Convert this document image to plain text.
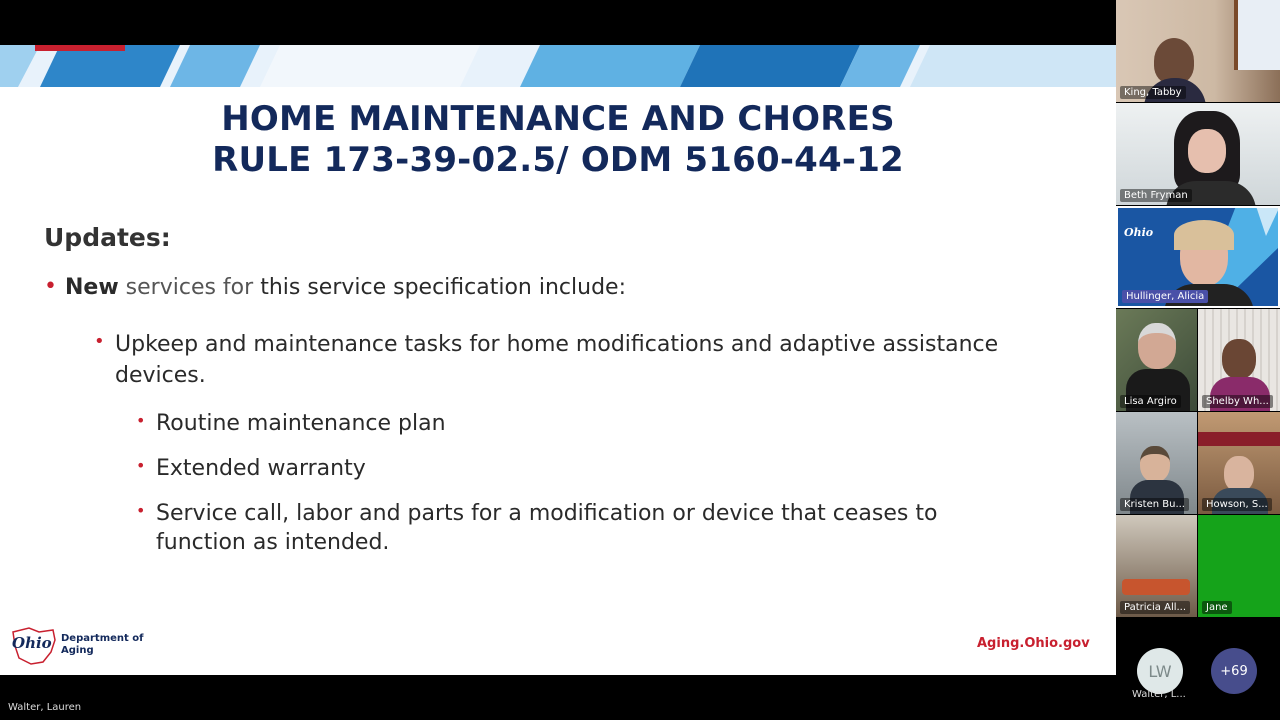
HOME MAINTENANCE AND CHORES
RULE 173-39-02.5/ ODM 5160-44-12
Updates:
• New services for this service specification include:
• Upkeep and maintenance tasks for home modifications and adaptive assistance
devices.
• Routine maintenance plan
• Extended warranty
• Service call, labor and parts for a modification or device that ceases to
function as intended.
Ohio Department of
Aging	Aging.Ohio.gov
Walter, Lauren
King, Tabby
Beth Fryman
Ohio
Hullinger, Alicia
Lisa Argiro	Shelby Wh...
Kristen Bu...	Howson, S...
Patricia All...	Jane
LW
Walter, L...
+69
